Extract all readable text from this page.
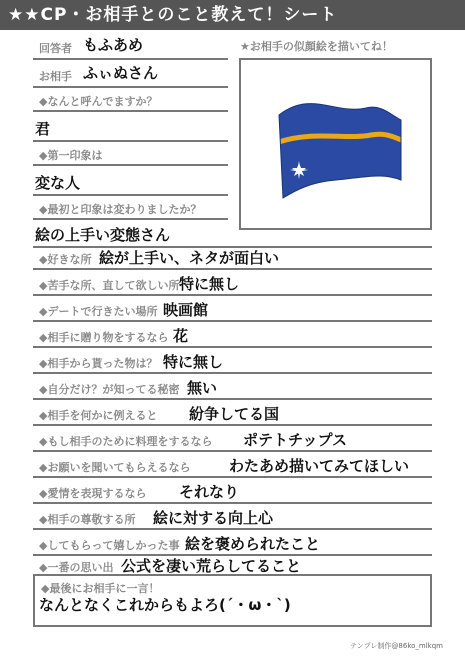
★★CP・お相手とのこと教えて！シート
回答者 もふあめ
お相手 ふぃぬさん
◆なんと呼んでますか？
君
◆第一印象は
変な人
◆最初と印象は変わりましたか？
絵の上手い変態さん
★お相手の似顔絵を描いてね！
◆好きな所 絵が上手い、ネタが面白い
◆苦手な所、直して欲しい所 特に無し
◆デートで行きたい場所 映画館
◆相手に贈り物をするなら 花
◆相手から貰った物は？ 特に無し
◆自分だけ？が知ってる秘密 無い
◆相手を何かに例えると 紛争してる国
◆もし相手のために料理をするなら ポテトチップス
◆お願いを聞いてもらえるなら	わたあめ描いてみてほしい
◆愛情を表現するなら それなり
◆相手の尊敬する所 絵に対する向上心
◆してもらって嬉しかった事 絵を褒められたこと
◆一番の思い出 公式を凄い荒らしてること
◆最後にお相手に一言！
なんとなくこれからもよろ(´・ω・`)
テンプレ制作@86ko_mlkqm
